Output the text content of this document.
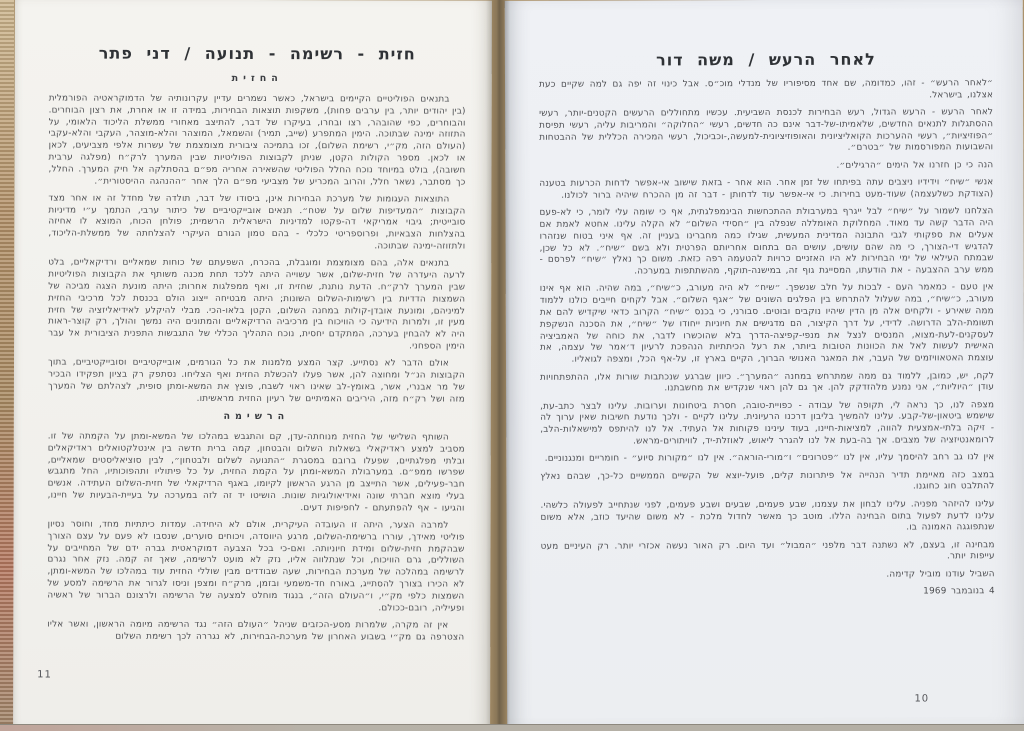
חזית - רשימה - תנועה / דני פתר
החזית

בתנאים הפוליטיים הקיימים בישראל, כאשר נשמרים עדיין עקרונותיה של הדמוקראטיה הפורמלית (בין יהודים יותר, בין ערבים פחות), משקפות תוצאות הבחירות, במידה זו או אחרת, את רצון הבוחרים. והבוחרים, כפי שהובהר, רצו ובחרו, בעיקרו של דבר, להתיצב מאחורי ממשלת הליכוד הלאומי, על התזוזה ימינה שבתוכה. הימין המתפרע (שייב, תמיר) והשמאל, המוצהר והלא-מוצהר, העקבי והלא-עקבי (העולם הזה, מק״י, רשימת השלום), זכו בתמיכה ציבורית מצומצמת של עשרות אלפי מצביעים, לכאן או לכאן. מספר הקולות הקטן, שניתן לקבוצות הפוליטיות שבין המערך לרק״ח (מפלגה ערבית חשובה), בולט במיוחד נוכח החלל הפוליטי שהשאירה אחריה מפ״ם בהסתלקה אל חיק המערך. החלל, כך מסתבר, נשאר חלל, והרוב המכריע של מצביעי מפ״ם הלך אחר ״ההנהגה ההיסטורית״.

התוצאות העגומות של מערכת הבחירות אינן, ביסודו של דבר, תולדה של מחדל זה או אחר מצד הקבוצות ״המעדיפות שלום על שטח״. תנאים אובייקטיביים של כיתור ערבי, הנתמך ע״י מדיניות סובייטית; גיבוי אמריקאי דה-פקטו למדיניות הישראלית הרשמית; פולחן הכוח, המוצא לו אחיזה בהצלחות הצבאיות, ופרוספריטי כלכלי - בהם טמון הגורם העיקרי להצלחתה של ממשלת-הליכוד, ולתזוזה-ימינה שבתוכה.

בתנאים אלה, בהם מצומצמת ומוגבלת, בהכרח, השפעתם של כוחות שמאליים ורדיקאליים, בלט לרעה היעדרה של חזית-שלום, אשר עשוייה היתה ללכד תחת מכנה משותף את הקבוצות הפוליטיות שבין המערך לרק״ח. הדעת נותנת, שחזית זו, ואף ממפלגות אחרות; היתה מונעת הצגה מביכה של השמצות הדדיות בין רשימות-השלום השונות; היתה מבטיחה ייצוג הולם בכנסת לכל מרכיבי החזית למיניהם, ומונעת אובדן-קולות במחנה השלום, הקטן בלאו-הכי. מבלי להיקלע לאידיאליזציה של חזית מעין זו, ולמרות הידיעה כי הוויכוח בין מרכיביה הרדיקאליים והמתונים היה נמשך והולך, רק קוצר-ראות היה לא להבחין בערכה, המתקדם יחסית, נוכח התהליך הכללי של התגבשות התפנית הציבורית אל עבר הימין הספחני.

אולם הדבר לא נסתייע. קצר המצע מלמנות את כל הגורמים, אובייקטיביים וסובייקטיביים, בתוך הקבוצות הנ״ל ומחוצה להן, אשר פעלו להכשלת החזית ואף הצליחו. נסתפק רק בציון תפקידו הבכיר של מר אבנרי, אשר, באומץ-לב שאינו ראוי לשבח, פוצץ את המשא-ומתן סופית, לצהלתם של המערך מזה ושל רק״ח מזה, היריבים האמיתיים של רעיון החזית מראשיתו.

הרשימה

השותף השלישי של החזית מנוחתה-עדן, קם והתגבש במהלכו של המשא-ומתן על הקמתה של זו. מסביב למצע ראדיקאלי בשאלות השלום והבטחון, קמה ברית חדשה בין אינטלקטואלים ראדיקאלים ובלתי מפלגתיים, שפעלו ברובם במסגרת ״התנועה לשלום ולבטחון״, לבין סוציאליסטים שמאליים, שפרשו ממפ״ם. במערבולת המשא-ומתן על הקמת החזית, על כל פיתוליו ותהפוכותיו, החל מתגבש חבר-פעילים, אשר התייצב מן הרגע הראשון לקיומו, באגף הרדיקאלי של חזית-השלום העתידה. אנשים בעלי מוצא חברתי שונה ואידיאולוגיות שונות. הושיטו יד זה לזה במערכה על בעיית-הבעיות של חיינו, והגיעו - אף להפתעתם - לחפיפות דעים.

למרבה הצער, היתה זו העובדה העיקרית, אולם לא היחידה. עמדות כיתתיות מחד, וחוסר נסיון פוליטי מאידך, עוררו ברשימת-השלום, מרגע היווסדה, ויכוחים סוערים, שנסבו לא פעם על עצם הצורך שבהקמת חזית-שלום ומידת חיוניותה. ואם-כי בכל הצבעה דמוקראטית גברה ידם של המחייבים על השוללים, גרם הוויכוח, וכל שנתלווה אליו, נזק לא מועט לרשימה, שאך זה קמה. נזק אחר נגרם לרשימה במהלכה של מערכת הבחירות, שעה שבודדים מבין שוללי החזית עוד במהלכו של המשא-ומתן, לא הכירו בצורך להסתייג, באורח חד-משמעי ובזמן, מרק״ח ומצפן וניסו לגרור את הרשימה למסע של השמצות כלפי מק״י, ו״העולם הזה״, בנגוד מוחלט למצעה של הרשימה ולרצונם הברור של ראשיה ופעיליה, רובם-ככולם.

אין זה מקרה, שלמרות מסע-הכזבים שניהל ״העולם הזה״ נגד הרשימה מיומה הראשון, ואשר אליו הצטרפה גם מק״י בשבוע האחרון של מערכת-הבחירות, לא נגררה לכך רשימת השלום

11
לאחר הרעש / משה דור

״לאחר הרעש״ - זהו, כמדומה, שם אחד מסיפוריו של מנדלי מוכ״ס. אבל כינוי זה יפה גם למה שקיים כעת אצלנו, בישראל.

לאחר הרעש - הרעש הגדול, רעש הבחירות לכנסת השביעית. עכשיו מתחוללים הרעשים הקטנים-יותר, רעשי ההסתגלות לתנאים החדשים, שלאמיתו-של-דבר אינם כה חדשים, רעשי ״החלוקה״ והמריבות עליה, רעשי תפיסת ״הפוזיציות״, רעשי ההערכות הקואליציונית והאופוזיציונית-למעשה,-וכביכול, רעשי המכירה הכללית של ההבטחות והשבועות המפורסמות של ״בטרם״.

הנה כי כן חזרנו אל הימים ״הרגילים״.

אנשי ״שיח״ וידידיו ניצבים עתה בפיתחו של זמן אחר. הוא אחר - בזאת שישוב אי-אפשר לדחות הכרעות בטענה (הצודקת כשלעצמה) שעוד-מעט בחירות. כי אי-אפשר עוד לדחותן - דבר זה מן ההכרח שיהיה ברור לכולנו.

הצלחנו לשמור על ״שיח״ לבל ייגרף במערבולת ההתכחשות הבינמפלגתית, אף כי שומה עלי לומר, כי לא-פעם היה הדבר קשה עד מאוד. המחלוקת האומללה שנפלה בין ״חסידי השלום״ לא הקלה עלינו. אחטא לאמת אם אעלים את ספקותי לגבי התבונה המדינית המעשית, שגילו כמה מחברינו בעניין זה. אף איני בטוח שנזהרו להדגיש די-הצורך, כי מה שהם עושים, עושים הם בתחום אחריותם הפרטית ולא בשם ״שיח״. לא כל שכן, שבמתח העילאי של ימי הבחירות לא היו האזניים כרויות להטעמה רפה כזאת. משום כך נאלץ ״שיח״ לפרסם - ממש ערב ההצבעה - את הודעתו, המסייגת גוף זה, במישנה-תוקף, מהשתתפות במערכה.

אין טעם - כמאמר העם - לבכות על חלב שנשפך. ״שיח״ לא היה מעורב, כ״שיח״, במה שהיה. הוא אף אינו מעורב, כ״שיח״, במה שעלול להתרחש בין הפלגים השונים של ״אגף השלום״. אבל לקחים חייבים כולנו ללמוד ממה שאירע - ולקחים אלה מן הדין שיהיו נוקבים ובוטים. סבורני, כי בכנס ״שיח״ הקרוב כדאי שיקדיש להם את תשומת-הלב הדרושה. לדידי, על דרך הקיצור, הם מדגישים את חיוניות ייחודו של ״שיח״, את הסכנה הנשקפת לעסקנים-לעת-מצוא, המנסים לנצל את מנפי-קפיצה-הדרך בלא שהוכשרו לדבר, את כוחה של האמביציה האישית לעשות לאל את הכוונות הטובות ביותר, את רעל הכיתתיות הנהפכת לרעיון ד׳אמר של עצמה, את עוצמת האטאוויזמים של העבר, את המאגר האנושי הברוך, הקיים בארץ זו, על-אף הכל, ומצפה לגואליו.

לקח, יש, כמובן, ללמוד גם ממה שמתרחש במחנה ״המערך״. כיוון שברגע שנכתבות שורות אלו, ההתפתחויות עודן ״היוליות״, אני נמנע מלהזדקק להן. אך גם להן ראוי שנקדיש את מחשבתנו.

מצפה לנו, כך נראה לי, תקופה של עבודה - כפויית-טובה, חסרת ביטחונות וערובות. עלינו לבצר כתב-עת, שישמש ביטאון-של-קבע. עלינו להמשיך בליבון דרכנו הרעיונית. עלינו לקיים - ולכך נודעת חשיבות שאין ערוך לה - זיקה בלתי-אמצעית להווה, למציאות-חיינו, בעוד עינינו פקוחות אל העתיד. אל לנו להיתפס למישאלות-הלב, לרומאנטיזציה של מצבים. אך בה-בעת אל לנו להגרר ליאוש, לאוזלת-יד, לוויתורים-מראש.

אין לנו גב רחב להיסמך עליו, אין לנו ״פטרונים״ ו״מורי-הוראה״. אין לנו ״מקורות סיוע״ - חומריים ומנגנוניים.

במצב כזה מאיימת תדיר הנהייה אל פיתרונות קלים, פועל-יוצא של הקשיים הממשיים כל-כך, שבהם נאלץ להתלבט חוג כחוגנו.

עלינו להיזהר מפניה. עלינו לבחון את עצמנו, שבע פעמים, שבעים ושבע פעמים, לפני שנתחייב לפעולה כלשהי. עלינו לדעת לפעול בתום הבחינה הללו. מוטב כך מאשר לחדול מלכת - לא משום שהיעד כוזב, אלא משום שנתפוגגה האמונה בו.

מבחינה זו, בעצם, לא נשתנה דבר מלפני ״המבול״ ועד היום. רק האור נעשה אכזרי יותר. רק העיניים מעט עייפות יותר.

השביל עודנו מוביל קדימה.

4 בנובמבר 1969

10
